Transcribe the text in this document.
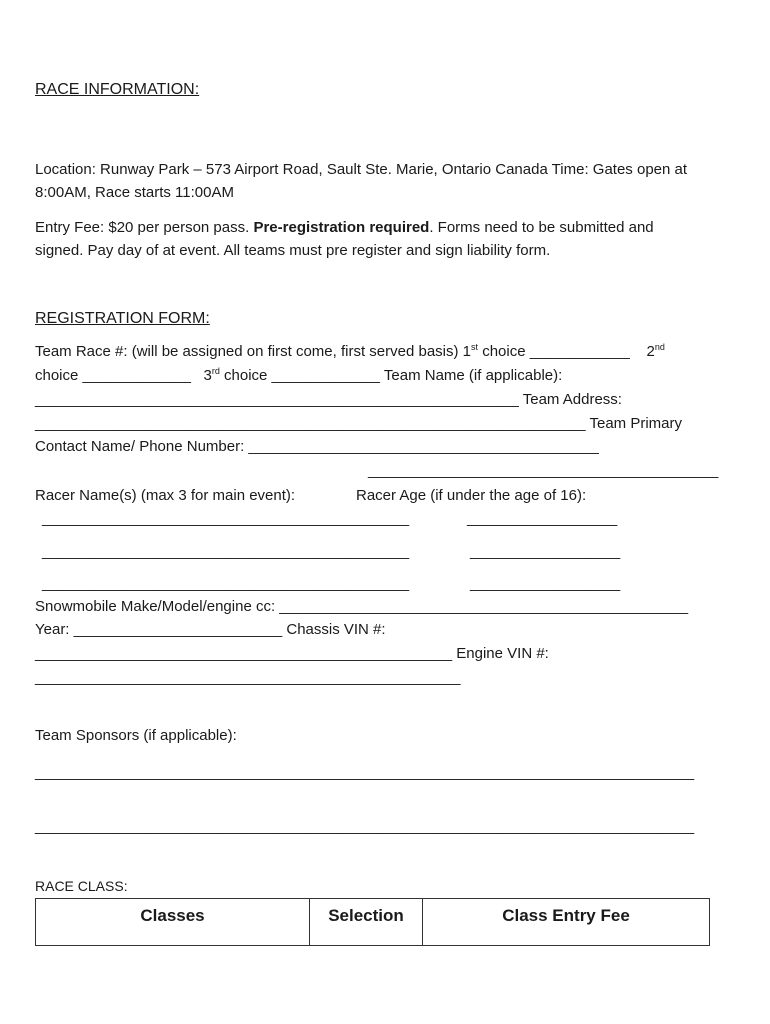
RACE INFORMATION:
Location: Runway Park – 573 Airport Road, Sault Ste. Marie, Ontario Canada Time: Gates open at
8:00AM, Race starts 11:00AM
Entry Fee: $20 per person pass. Pre-registration required. Forms need to be submitted and
signed. Pay day of at event. All teams must pre register and sign liability form.
REGISTRATION FORM:
Team Race #: (will be assigned on first come, first served basis) 1st choice ____________    2nd
choice _____________   3rd choice _____________ Team Name (if applicable):
__________________________________________________________ Team Address:
__________________________________________________________________ Team Primary
Contact Name/ Phone Number: __________________________________________
__________________________________________
Racer Name(s) (max 3 for main event):	Racer Age (if under the age of 16):
____________________________________________	__________________
____________________________________________	__________________
____________________________________________	__________________
Snowmobile Make/Model/engine cc: _________________________________________________
Year: _________________________ Chassis VIN #:
__________________________________________________ Engine VIN #:
___________________________________________________
Team Sponsors (if applicable):
_______________________________________________________________________________
_______________________________________________________________________________
RACE CLASS:
Classes	Selection	Class Entry Fee
